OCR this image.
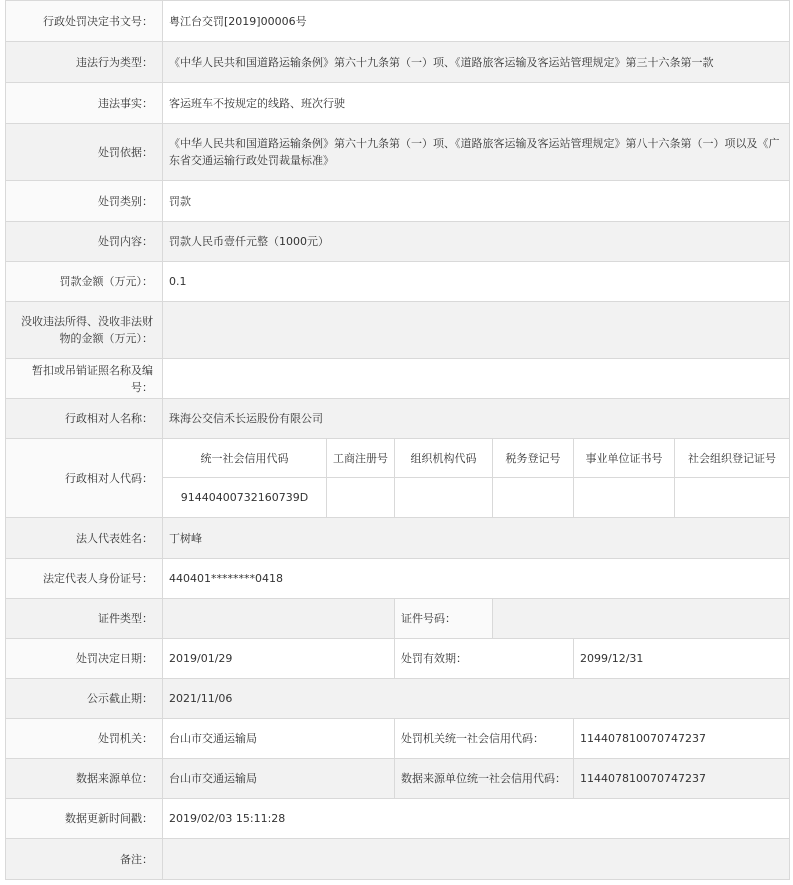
行政处罚决定书文号：	粤江台交罚[2019]00006号					
违法行为类型：	《中华人民共和国道路运输条例》第六十九条第（一）项、《道路旅客运输及客运站管理规定》第三十六条第一款					
违法事实：	客运班车不按规定的线路、班次行驶					
处罚依据：	《中华人民共和国道路运输条例》第六十九条第（一）项、《道路旅客运输及客运站管理规定》第八十六条第（一）项以及《广东省交通运输行政处罚裁量标准》					
处罚类别：	罚款					
处罚内容：	罚款人民币壹仟元整（1000元）					
罚款金额（万元）：	0.1					
没收违法所得、没收非法财物的金额（万元）：						
暂扣或吊销证照名称及编号：						
行政相对人名称：	珠海公交信禾长运股份有限公司					
行政相对人代码：	统一社会信用代码	工商注册号	组织机构代码	税务登记号	事业单位证书号	社会组织登记证号
	91440400732160739D					
法人代表姓名：	丁树峰					
法定代表人身份证号：	440401********0418					
证件类型：			证件号码：			
处罚决定日期：	2019/01/29		处罚有效期：		2099/12/31	
公示截止期：	2021/11/06					
处罚机关：	台山市交通运输局		处罚机关统一社会信用代码：		114407810070747237	
数据来源单位：	台山市交通运输局		数据来源单位统一社会信用代码：		114407810070747237	
数据更新时间戳：	2019/02/03 15:11:28					
备注：						
